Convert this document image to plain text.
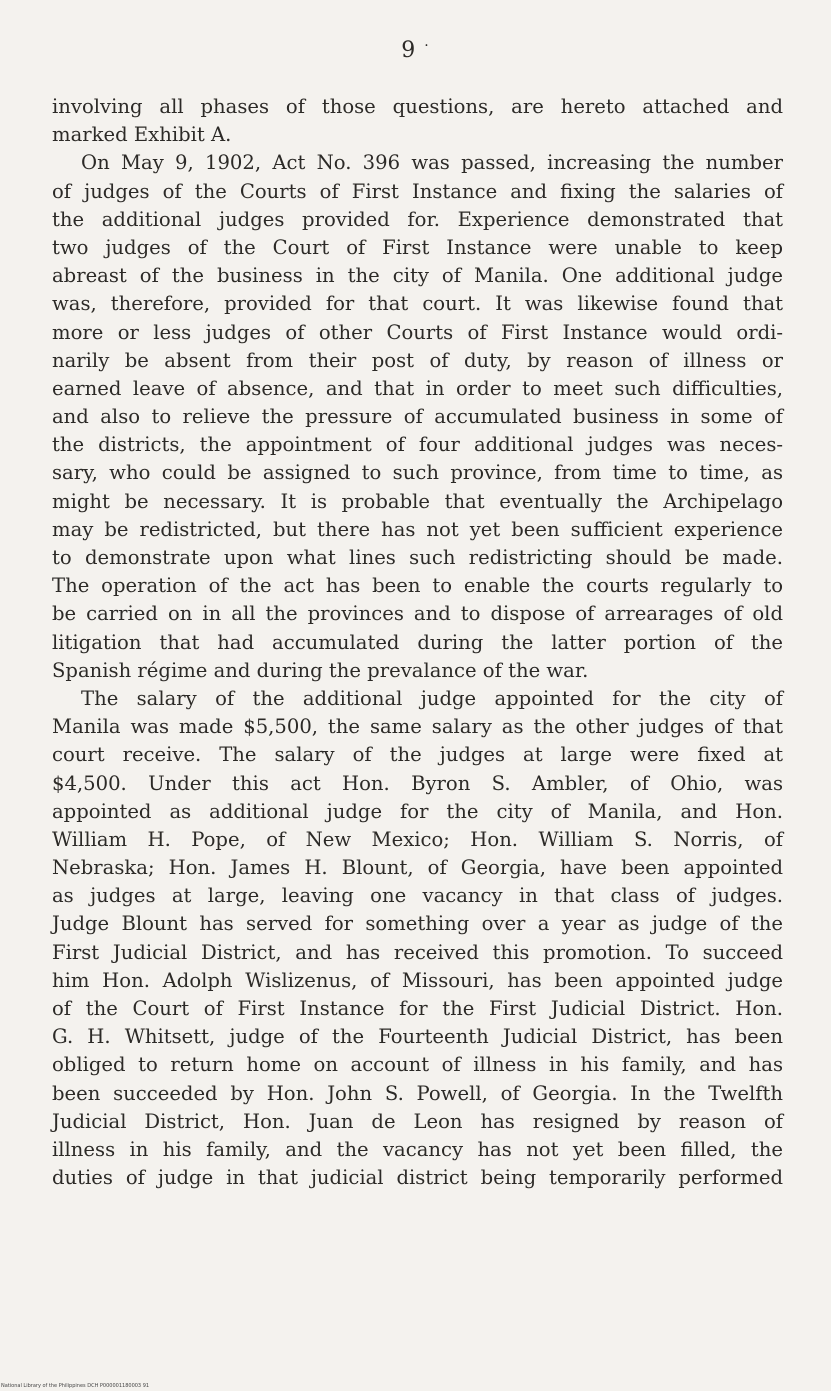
9 ·
involving all phases of those questions, are hereto attached and
marked Exhibit A.
On May 9, 1902, Act No. 396 was passed, increasing the number
of judges of the Courts of First Instance and fixing the salaries of
the additional judges provided for. Experience demonstrated that
two judges of the Court of First Instance were unable to keep
abreast of the business in the city of Manila. One additional judge
was, therefore, provided for that court. It was likewise found that
more or less judges of other Courts of First Instance would ordi-
narily be absent from their post of duty, by reason of illness or
earned leave of absence, and that in order to meet such difficulties,
and also to relieve the pressure of accumulated business in some of
the districts, the appointment of four additional judges was neces-
sary, who could be assigned to such province, from time to time, as
might be necessary. It is probable that eventually the Archipelago
may be redistricted, but there has not yet been sufficient experience
to demonstrate upon what lines such redistricting should be made.
The operation of the act has been to enable the courts regularly to
be carried on in all the provinces and to dispose of arrearages of old
litigation that had accumulated during the latter portion of the
Spanish régime and during the prevalance of the war.
The salary of the additional judge appointed for the city of
Manila was made $5,500, the same salary as the other judges of that
court receive. The salary of the judges at large were fixed at
$4,500. Under this act Hon. Byron S. Ambler, of Ohio, was
appointed as additional judge for the city of Manila, and Hon.
William H. Pope, of New Mexico; Hon. William S. Norris, of
Nebraska; Hon. James H. Blount, of Georgia, have been appointed
as judges at large, leaving one vacancy in that class of judges.
Judge Blount has served for something over a year as judge of the
First Judicial District, and has received this promotion. To succeed
him Hon. Adolph Wislizenus, of Missouri, has been appointed judge
of the Court of First Instance for the First Judicial District. Hon.
G. H. Whitsett, judge of the Fourteenth Judicial District, has been
obliged to return home on account of illness in his family, and has
been succeeded by Hon. John S. Powell, of Georgia. In the Twelfth
Judicial District, Hon. Juan de Leon has resigned by reason of
illness in his family, and the vacancy has not yet been filled, the
duties of judge in that judicial district being temporarily performed
National Library of the Philippines DCH P000001180003 91
